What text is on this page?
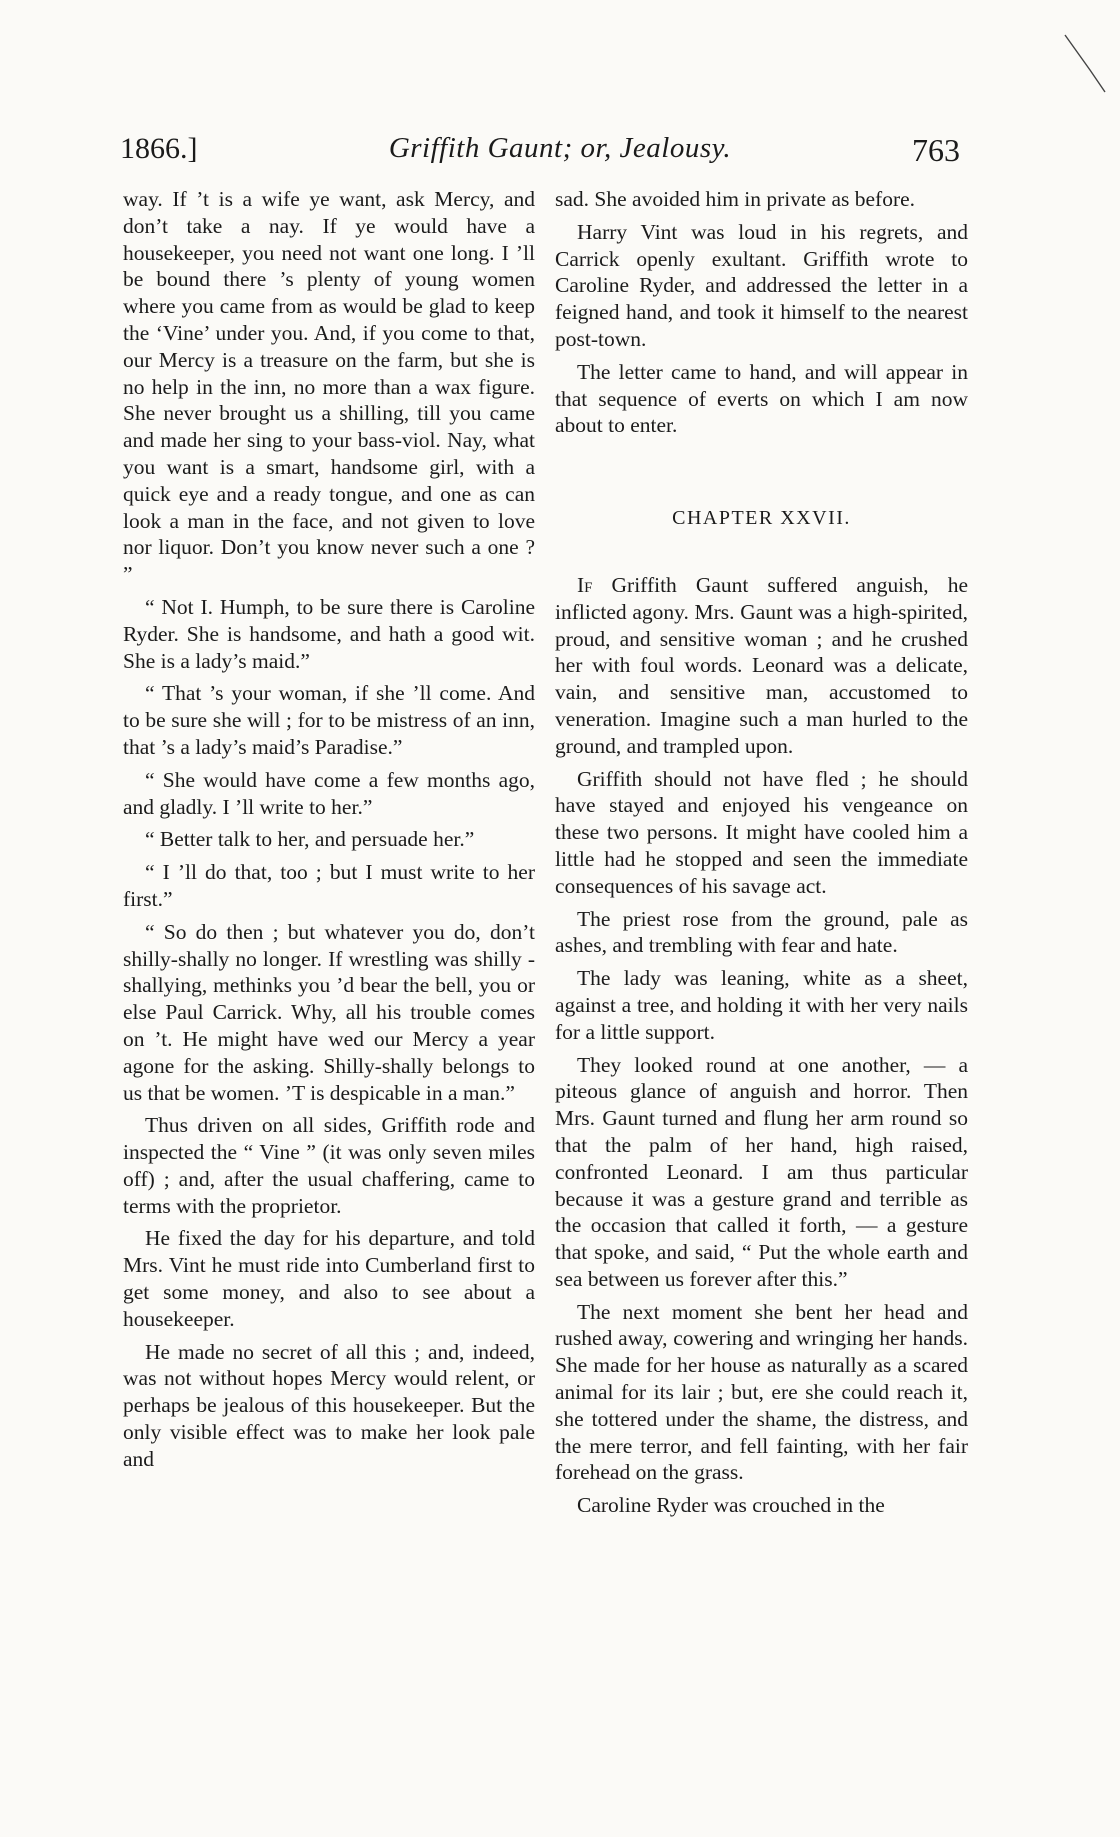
1866.]	Griffith Gaunt; or, Jealousy.	763

way. If ’t is a wife ye want, ask Mercy, and don’t take a nay. If ye would have a housekeeper, you need not want one long. I ’ll be bound there ’s plenty of young women where you came from as would be glad to keep the ‘Vine’ under you. And, if you come to that, our Mercy is a treasure on the farm, but she is no help in the inn, no more than a wax figure. She never brought us a shilling, till you came and made her sing to your bass-viol. Nay, what you want is a smart, handsome girl, with a quick eye and a ready tongue, and one as can look a man in the face, and not given to love nor liquor. Don’t you know never such a one ? ”

“ Not I. Humph, to be sure there is Caroline Ryder. She is handsome, and hath a good wit. She is a lady’s maid.”

“ That ’s your woman, if she ’ll come. And to be sure she will ; for to be mistress of an inn, that ’s a lady’s maid’s Paradise.”

“ She would have come a few months ago, and gladly. I ’ll write to her.”

“ Better talk to her, and persuade her.”

“ I ’ll do that, too ; but I must write to her first.”

“ So do then ; but whatever you do, don’t shilly-shally no longer. If wrestling was shilly - shallying, methinks you ’d bear the bell, you or else Paul Carrick. Why, all his trouble comes on ’t. He might have wed our Mercy a year agone for the asking. Shilly-shally belongs to us that be women. ’T is despicable in a man.”

Thus driven on all sides, Griffith rode and inspected the “ Vine ” (it was only seven miles off) ; and, after the usual chaffering, came to terms with the proprietor.

He fixed the day for his departure, and told Mrs. Vint he must ride into Cumberland first to get some money, and also to see about a housekeeper.

He made no secret of all this ; and, indeed, was not without hopes Mercy would relent, or perhaps be jealous of this housekeeper. But the only visible effect was to make her look pale and

sad. She avoided him in private as before.

Harry Vint was loud in his regrets, and Carrick openly exultant. Griffith wrote to Caroline Ryder, and addressed the letter in a feigned hand, and took it himself to the nearest post-town.

The letter came to hand, and will appear in that sequence of everts on which I am now about to enter.

CHAPTER XXVII.

If Griffith Gaunt suffered anguish, he inflicted agony. Mrs. Gaunt was a high-spirited, proud, and sensitive woman ; and he crushed her with foul words. Leonard was a delicate, vain, and sensitive man, accustomed to veneration. Imagine such a man hurled to the ground, and trampled upon.

Griffith should not have fled ; he should have stayed and enjoyed his vengeance on these two persons. It might have cooled him a little had he stopped and seen the immediate consequences of his savage act.

The priest rose from the ground, pale as ashes, and trembling with fear and hate.

The lady was leaning, white as a sheet, against a tree, and holding it with her very nails for a little support.

They looked round at one another, — a piteous glance of anguish and horror. Then Mrs. Gaunt turned and flung her arm round so that the palm of her hand, high raised, confronted Leonard. I am thus particular because it was a gesture grand and terrible as the occasion that called it forth, — a gesture that spoke, and said, “ Put the whole earth and sea between us forever after this.”

The next moment she bent her head and rushed away, cowering and wringing her hands. She made for her house as naturally as a scared animal for its lair ; but, ere she could reach it, she tottered under the shame, the distress, and the mere terror, and fell fainting, with her fair forehead on the grass.

Caroline Ryder was crouched in the
